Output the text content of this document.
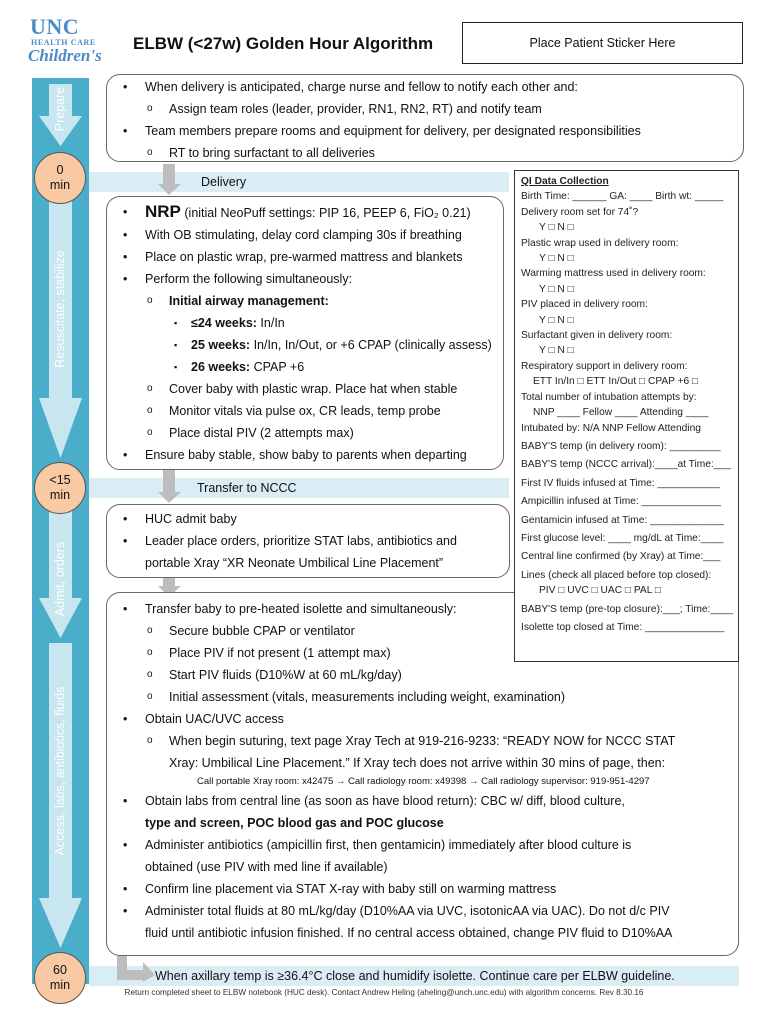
UNC
HEALTH CARE
Children's
ELBW (<27w) Golden Hour Algorithm	Place Patient Sticker Here
Prepare
Resuscitate, stabilize
Admit, orders
Access, labs, antibiotics, fluids
0
min
<15
min
60
min
Delivery
Transfer to NCCC
When axillary temp is ≥36.4°C close and humidify isolette. Continue care per ELBW guideline.
• When delivery is anticipated, charge nurse and fellow to notify each other and:
o Assign team roles (leader, provider, RN1, RN2, RT) and notify team
• Team members prepare rooms and equipment for delivery, per designated responsibilities
o RT to bring surfactant to all deliveries
• NRP (initial NeoPuff settings: PIP 16, PEEP 6, FiO₂ 0.21)
• With OB stimulating, delay cord clamping 30s if breathing
• Place on plastic wrap, pre-warmed mattress and blankets
• Perform the following simultaneously:
o Initial airway management:
▪ ≤24 weeks: In/In
▪ 25 weeks: In/In, In/Out, or +6 CPAP (clinically assess)
▪ 26 weeks: CPAP +6
o Cover baby with plastic wrap. Place hat when stable
o Monitor vitals via pulse ox, CR leads, temp probe
o Place distal PIV (2 attempts max)
• Ensure baby stable, show baby to parents when departing
• HUC admit baby
• Leader place orders, prioritize STAT labs, antibiotics and
portable Xray “XR Neonate Umbilical Line Placement”
• Transfer baby to pre-heated isolette and simultaneously:
o Secure bubble CPAP or ventilator
o Place PIV if not present (1 attempt max)
o Start PIV fluids (D10%W at 60 mL/kg/day)
o Initial assessment (vitals, measurements including weight, examination)
• Obtain UAC/UVC access
o When begin suturing, text page Xray Tech at 919-216-9233: “READY NOW for NCCC STAT
Xray: Umbilical Line Placement.” If Xray tech does not arrive within 30 mins of page, then:
Call portable Xray room: x42475 → Call radiology room: x49398 → Call radiology supervisor: 919-951-4297
• Obtain labs from central line (as soon as have blood return): CBC w/ diff, blood culture,
type and screen, POC blood gas and POC glucose
• Administer antibiotics (ampicillin first, then gentamicin) immediately after blood culture is
obtained (use PIV with med line if available)
• Confirm line placement via STAT X-ray with baby still on warming mattress
• Administer total fluids at 80 mL/kg/day (D10%AA via UVC, isotonicAA via UAC). Do not d/c PIV
fluid until antibiotic infusion finished. If no central access obtained, change PIV fluid to D10%AA
QI Data Collection
Birth Time: ______ GA: ____ Birth wt: _____
Delivery room set for 74˚?
Y □ N □
Plastic wrap used in delivery room:
Y □ N □
Warming mattress used in delivery room:
Y □ N □
PIV placed in delivery room:
Y □ N □
Surfactant given in delivery room:
Y □ N □
Respiratory support in delivery room:
ETT In/In □ ETT In/Out □ CPAP +6 □
Total number of intubation attempts by:
NNP ____ Fellow ____ Attending ____
Intubated by: N/A NNP Fellow Attending
BABY'S temp (in delivery room): _________
BABY'S temp (NCCC arrival):____at Time:___
First IV fluids infused at Time: ___________
Ampicillin infused at Time: ______________
Gentamicin infused at Time: _____________
First glucose level: ____ mg/dL at Time:____
Central line confirmed (by Xray) at Time:___
Lines (check all placed before top closed):
PIV □ UVC □ UAC □ PAL □
BABY'S temp (pre-top closure):___; Time:____
Isolette top closed at Time: ______________
Return completed sheet to ELBW notebook (HUC desk). Contact Andrew Heling (aheling@unch.unc.edu) with algorithm concerns. Rev 8.30.16
